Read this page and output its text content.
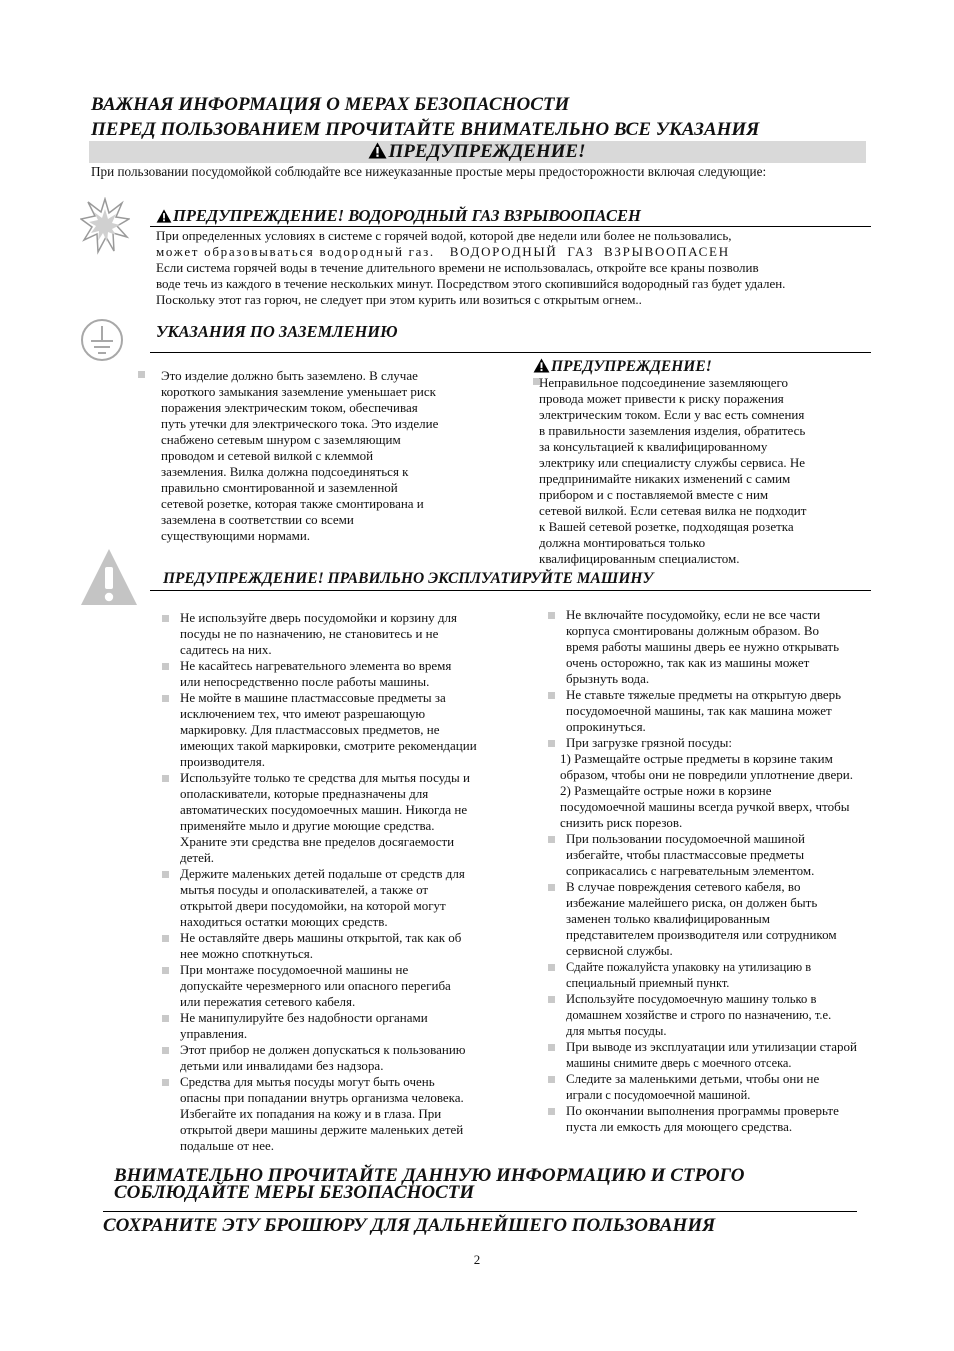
ВАЖНАЯ ИНФОРМАЦИЯ О МЕРАХ БЕЗОПАСНОСТИ
ПЕРЕД ПОЛЬЗОВАНИЕМ ПРОЧИТАЙТЕ ВНИМАТЕЛЬНО ВСЕ УКАЗАНИЯ
ПРЕДУПРЕЖДЕНИЕ!
При пользовании посудомойкой соблюдайте все нижеуказанные простые меры предосторожности включая следующие:
ПРЕДУПРЕЖДЕНИЕ! ВОДОРОДНЫЙ ГАЗ ВЗРЫВООПАСЕН

При определенных условиях в системе с горячей водой, которой две недели или более не пользовались,

может образовываться водородный газ.   ВОДОРОДНЫЙ  ГАЗ  ВЗРЫВООПАСЕН

Если система горячей воды в течение длительного времени не использовалась, откройте все краны позволив

воде течь из каждого в течение нескольких минут. Посредством этого скопившийся водородный газ будет удален.

Поскольку этот газ горюч, не следует при этом курить или возиться с открытым огнем..

УКАЗАНИЯ ПО ЗАЗЕМЛЕНИЮ

Это изделие должно быть заземлено. В случае

короткого замыкания заземление уменьшает риск

поражения электрическим током, обеспечивая

путь утечки для электрического тока. Это изделие

снабжено сетевым шнуром с заземляющим

проводом и сетевой вилкой с клеммой

заземления. Вилка должна подсоединяться к

правильно смонтированной и заземленной

сетевой розетке, которая также смонтирована и

заземлена в соответствии со всеми

существующими нормами.

ПРЕДУПРЕЖДЕНИЕ!

Неправильное подсоединение заземляющего

провода может привести к риску поражения

электрическим током. Если у вас есть сомнения

в правильности заземления изделия, обратитесь

за консультацией к квалифицированному

электрику или специалисту службы сервиса. Не

предпринимайте никаких изменений с самим

прибором и с поставляемой вместе с ним

сетевой вилкой. Если сетевая вилка не подходит

к Вашей сетевой розетке, подходящая розетка

должна монтироваться только

квалифицированным специалистом.

ПРЕДУПРЕЖДЕНИЕ! ПРАВИЛЬНО ЭКСПЛУАТИРУЙТЕ МАШИНУ
Не используйте дверь посудомойки и корзину для
посуды не по назначению, не становитесь и не
садитесь на них.
Не касайтесь нагревательного элемента во время
или непосредственно после работы машины.
Не мойте в машине пластмассовые предметы за
исключением тех, что имеют разрешающую
маркировку. Для пластмассовых предметов, не
имеющих такой маркировки, смотрите рекомендации
производителя.
Используйте только те средства для мытья посуды и
ополаскиватели, которые предназначены для
автоматических посудомоечных машин. Никогда не
применяйте мыло и другие моющие средства.
Храните эти средства вне пределов досягаемости
детей.
Держите маленьких детей подальше от средств для
мытья посуды и ополаскивателей, а также от
открытой двери посудомойки, на которой могут
находиться остатки моющих средств.
Не оставляйте дверь машины открытой, так как об
нее можно споткнуться.
При монтаже посудомоечной машины не
допускайте черезмерного или опасного перегиба
или пережатия сетевого кабеля.
Не манипулируйте без надобности органами
управления.
Этот прибор не должен допускаться к пользованию
детьми или инвалидами без надзора.
Средства для мытья посуды могут быть очень
опасны при попадании внутрь организма человека.
Избегайте их попадания на кожу и в глаза. При
открытой двери машины держите маленьких детей
подальше от нее.
Не включайте посудомойку, если не все части
корпуса смонтированы должным образом. Во
время работы машины дверь ее нужно открывать
очень осторожно, так как из машины может
брызнуть вода.
Не ставьте тяжелые предметы на открытую дверь
посудомоечной машины, так как машина может
опрокинуться.
При загрузке грязной посуды:
1) Размещайте острые предметы в корзине таким
образом, чтобы они не повредили уплотнение двери.
2) Размещайте острые ножи в корзине
посудомоечной машины всегда ручкой вверх, чтобы
снизить риск порезов.
При пользовании посудомоечной машиной
избегайте, чтобы пластмассовые предметы
соприкасались с нагревательным элементом.
В случае повреждения сетевого кабеля, во
избежание малейшего риска, он должен быть
заменен только квалифицированным
представителем производителя или сотрудником
сервисной службы.
Сдайте пожалуйста упаковку на утилизацию в
специальный приемный пункт.
Используйте посудомоечную машину только в
домашнем хозяйстве и строго по назначению, т.е.
для мытья посуды.
При выводе из эксплуатации или утилизации старой
машины снимите дверь с моечного отсека.
Следите за маленькими детьми, чтобы они не
играли с посудомоечной машиной.
По окончании выполнения программы проверьте
пуста ли емкость для моющего средства.
ВНИМАТЕЛЬНО ПРОЧИТАЙТЕ ДАННУЮ ИНФОРМАЦИЮ И СТРОГО
СОБЛЮДАЙТЕ МЕРЫ БЕЗОПАСНОСТИ
СОХРАНИТЕ ЭТУ БРОШЮРУ ДЛЯ ДАЛЬНЕЙШЕГО ПОЛЬЗОВАНИЯ
2
